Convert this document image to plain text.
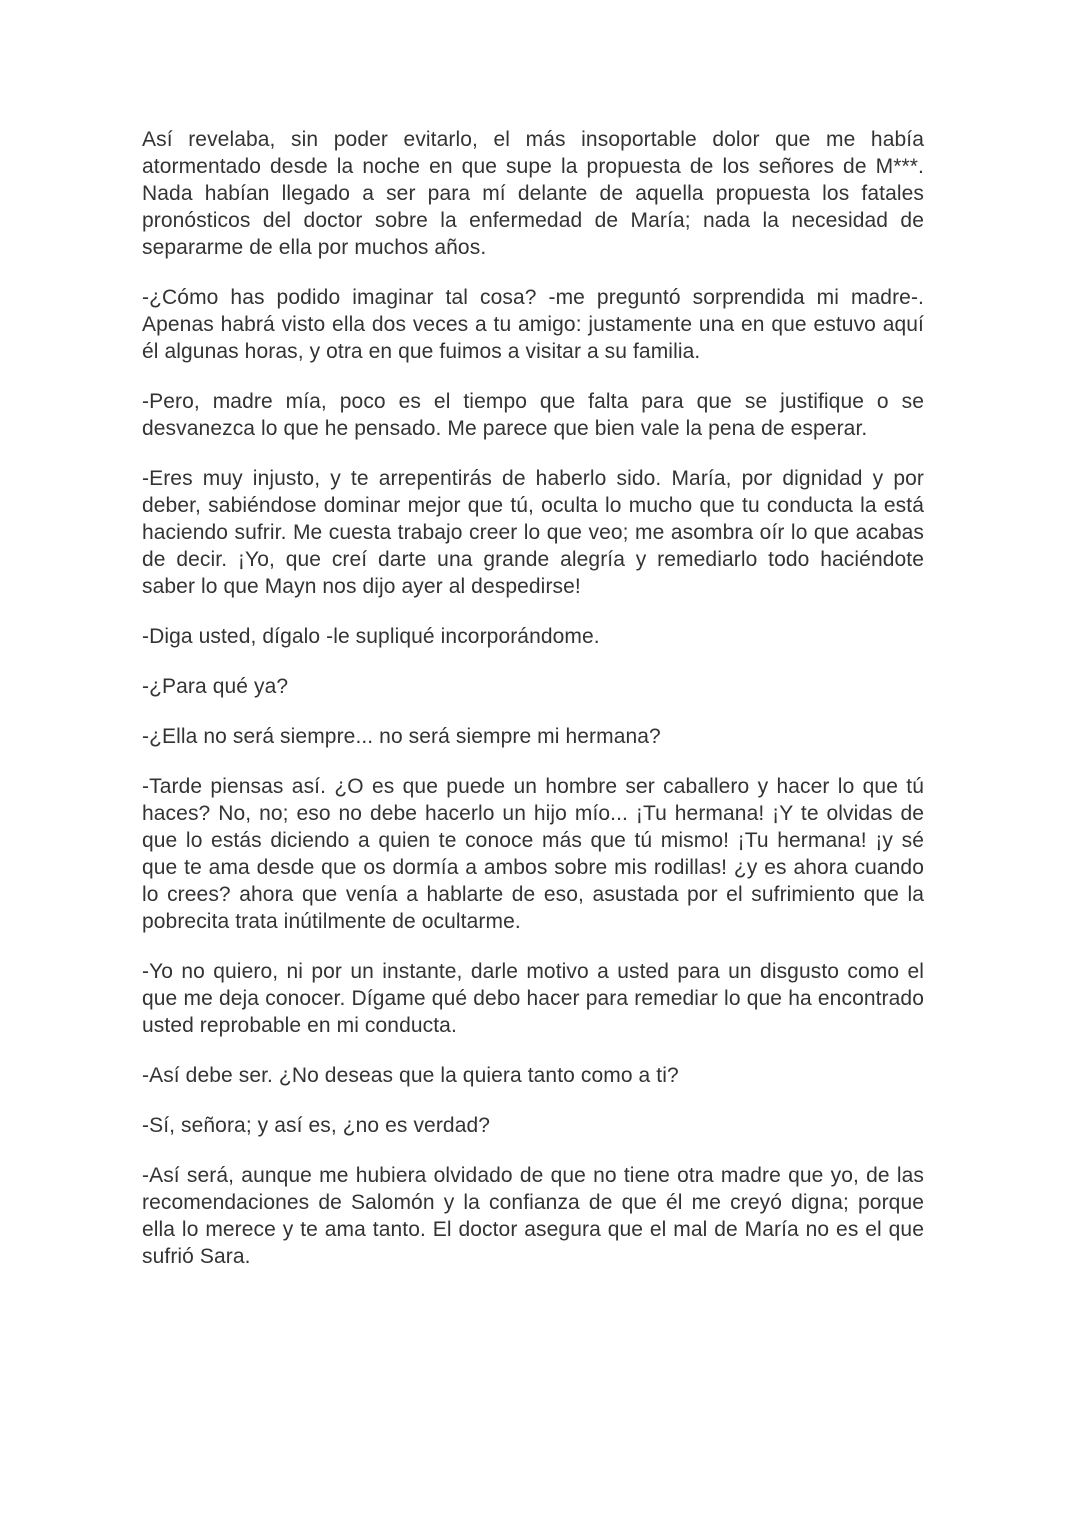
Así revelaba, sin poder evitarlo, el más insoportable dolor que me había atormentado desde la noche en que supe la propuesta de los señores de M***. Nada habían llegado a ser para mí delante de aquella propuesta los fatales pronósticos del doctor sobre la enfermedad de María; nada la necesidad de separarme de ella por muchos años.

-¿Cómo has podido imaginar tal cosa? -me preguntó sorprendida mi madre-. Apenas habrá visto ella dos veces a tu amigo: justamente una en que estuvo aquí él algunas horas, y otra en que fuimos a visitar a su familia.

-Pero, madre mía, poco es el tiempo que falta para que se justifique o se desvanezca lo que he pensado. Me parece que bien vale la pena de esperar.

-Eres muy injusto, y te arrepentirás de haberlo sido. María, por dignidad y por deber, sabiéndose dominar mejor que tú, oculta lo mucho que tu conducta la está haciendo sufrir. Me cuesta trabajo creer lo que veo; me asombra oír lo que acabas de decir. ¡Yo, que creí darte una grande alegría y remediarlo todo haciéndote saber lo que Mayn nos dijo ayer al despedirse!

-Diga usted, dígalo -le supliqué incorporándome.

-¿Para qué ya?

-¿Ella no será siempre... no será siempre mi hermana?

-Tarde piensas así. ¿O es que puede un hombre ser caballero y hacer lo que tú haces? No, no; eso no debe hacerlo un hijo mío... ¡Tu hermana! ¡Y te olvidas de que lo estás diciendo a quien te conoce más que tú mismo! ¡Tu hermana! ¡y sé que te ama desde que os dormía a ambos sobre mis rodillas! ¿y es ahora cuando lo crees? ahora que venía a hablarte de eso, asustada por el sufrimiento que la pobrecita trata inútilmente de ocultarme.

-Yo no quiero, ni por un instante, darle motivo a usted para un disgusto como el que me deja conocer. Dígame qué debo hacer para remediar lo que ha encontrado usted reprobable en mi conducta.

-Así debe ser. ¿No deseas que la quiera tanto como a ti?

-Sí, señora; y así es, ¿no es verdad?

-Así será, aunque me hubiera olvidado de que no tiene otra madre que yo, de las recomendaciones de Salomón y la confianza de que él me creyó digna; porque ella lo merece y te ama tanto. El doctor asegura que el mal de María no es el que sufrió Sara.
